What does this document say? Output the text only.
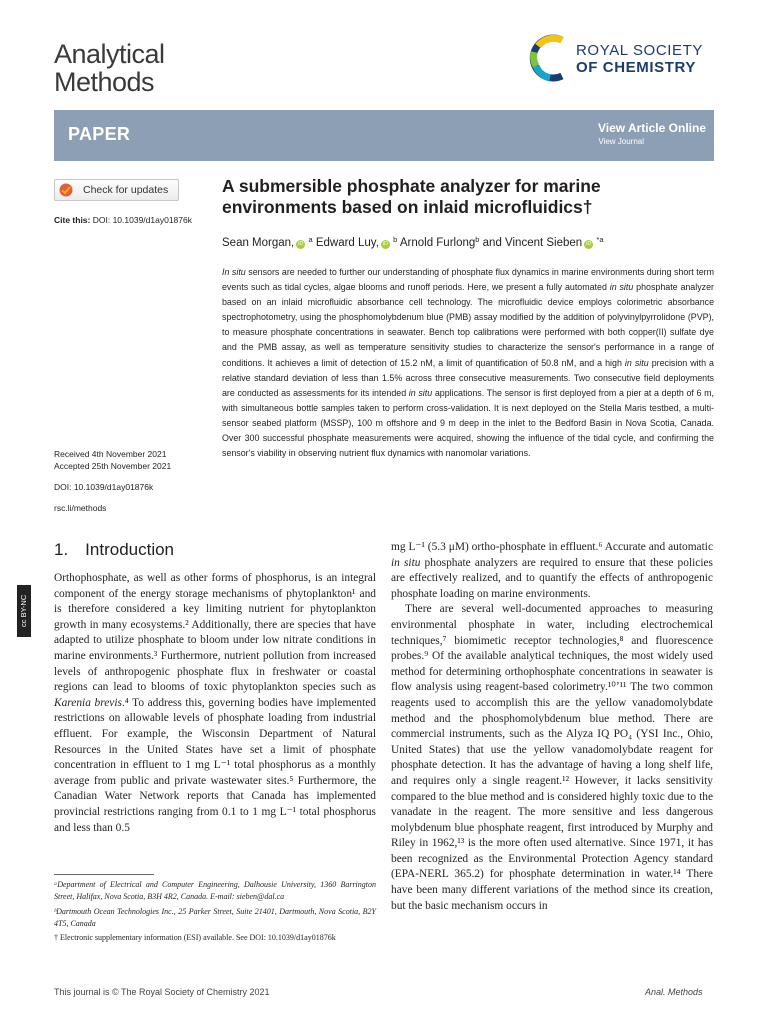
Analytical
Methods
ROYAL SOCIETY
OF CHEMISTRY
PAPER	View Article Online
View Journal
Check for updates
Cite this: DOI: 10.1039/d1ay01876k
Received 4th November 2021
Accepted 25th November 2021
DOI: 10.1039/d1ay01876k
rsc.li/methods
A submersible phosphate analyzer for marine environments based on inlaid microfluidics†
Sean Morgan, iD $^a$ Edward Luy, iD $^b$ Arnold Furlong$^b$ and Vincent Sieben iD $^{*a}$
In situ sensors are needed to further our understanding of phosphate flux dynamics in marine environments during short term events such as tidal cycles, algae blooms and runoff periods. Here, we present a fully automated in situ phosphate analyzer based on an inlaid microfluidic absorbance cell technology. The microfluidic device employs colorimetric absorbance spectrophotometry, using the phosphomolybdenum blue (PMB) assay modified by the addition of polyvinylpyrrolidone (PVP), to measure phosphate concentrations in seawater. Bench top calibrations were performed with both copper(II) sulfate dye and the PMB assay, as well as temperature sensitivity studies to characterize the sensor's performance in a range of conditions. It achieves a limit of detection of 15.2 nM, a limit of quantification of 50.8 nM, and a high in situ precision with a relative standard deviation of less than 1.5% across three consecutive measurements. Two consecutive field deployments are conducted as assessments for its intended in situ applications. The sensor is first deployed from a pier at a depth of 6 m, with simultaneous bottle samples taken to perform cross-validation. It is next deployed on the Stella Maris testbed, a multi-sensor seabed platform (MSSP), 100 m offshore and 9 m deep in the inlet to the Bedford Basin in Nova Scotia, Canada. Over 300 successful phosphate measurements were acquired, showing the influence of the tidal cycle, and confirming the sensor's viability in observing nutrient flux dynamics with nanomolar variations.
1.  Introduction
Orthophosphate, as well as other forms of phosphorus, is an integral component of the energy storage mechanisms of phytoplankton¹ and is therefore considered a key limiting nutrient for phytoplankton growth in many ecosystems.² Additionally, there are species that have adapted to utilize phosphate to bloom under low nitrate conditions in marine environments.³ Furthermore, nutrient pollution from increased levels of anthropogenic phosphate flux in freshwater or coastal regions can lead to blooms of toxic phytoplankton species such as Karenia brevis.⁴ To address this, governing bodies have implemented restrictions on allowable levels of phosphate loading from industrial effluent. For example, the Wisconsin Department of Natural Resources in the United States have set a limit of phosphate concentration in effluent to 1 mg L⁻¹ total phosphorus as a monthly average from public and private wastewater sites.⁵ Furthermore, the Canadian Water Network reports that Canada has implemented provincial restrictions ranging from 0.1 to 1 mg L⁻¹ total phosphorus and less than 0.5

mg L⁻¹ (5.3 μM) ortho-phosphate in effluent.⁶ Accurate and automatic in situ phosphate analyzers are required to ensure that these policies are effectively realized, and to quantify the effects of anthropogenic phosphate loading on marine environments.

There are several well-documented approaches to measuring environmental phosphate in water, including electrochemical techniques,⁷ biomimetic receptor technologies,⁸ and fluorescence probes.⁹ Of the available analytical techniques, the most widely used method for determining orthophosphate concentrations in seawater is flow analysis using reagent-based colorimetry.¹⁰ʼ¹¹ The two common reagents used to accomplish this are the yellow vanadomolybdate method and the phosphomolybdenum blue method. There are commercial instruments, such as the Alyza IQ PO₄ (YSI Inc., Ohio, United States) that use the yellow vanadomolybdate reagent for phosphate detection. It has the advantage of having a long shelf life, and requires only a single reagent.¹² However, it lacks sensitivity compared to the blue method and is considered highly toxic due to the vanadate in the reagent. The more sensitive and less dangerous molybdenum blue phosphate reagent, first introduced by Murphy and Riley in 1962,¹³ is the more often used alternative. Since 1971, it has been recognized as the Environmental Protection Agency standard (EPA-NERL 365.2) for phosphate determination in water.¹⁴ There have been many different variations of the method since its creation, but the basic mechanism occurs in

ᵃDepartment of Electrical and Computer Engineering, Dalhousie University, 1360 Barrington Street, Halifax, Nova Scotia, B3H 4R2, Canada. E-mail: sieben@dal.ca
ᵇDartmouth Ocean Technologies Inc., 25 Parker Street, Suite 21401, Dartmouth, Nova Scotia, B2Y 4T5, Canada
† Electronic supplementary information (ESI) available. See DOI: 10.1039/d1ay01876k
cc BY-NC
This journal is © The Royal Society of Chemistry 2021	Anal. Methods
